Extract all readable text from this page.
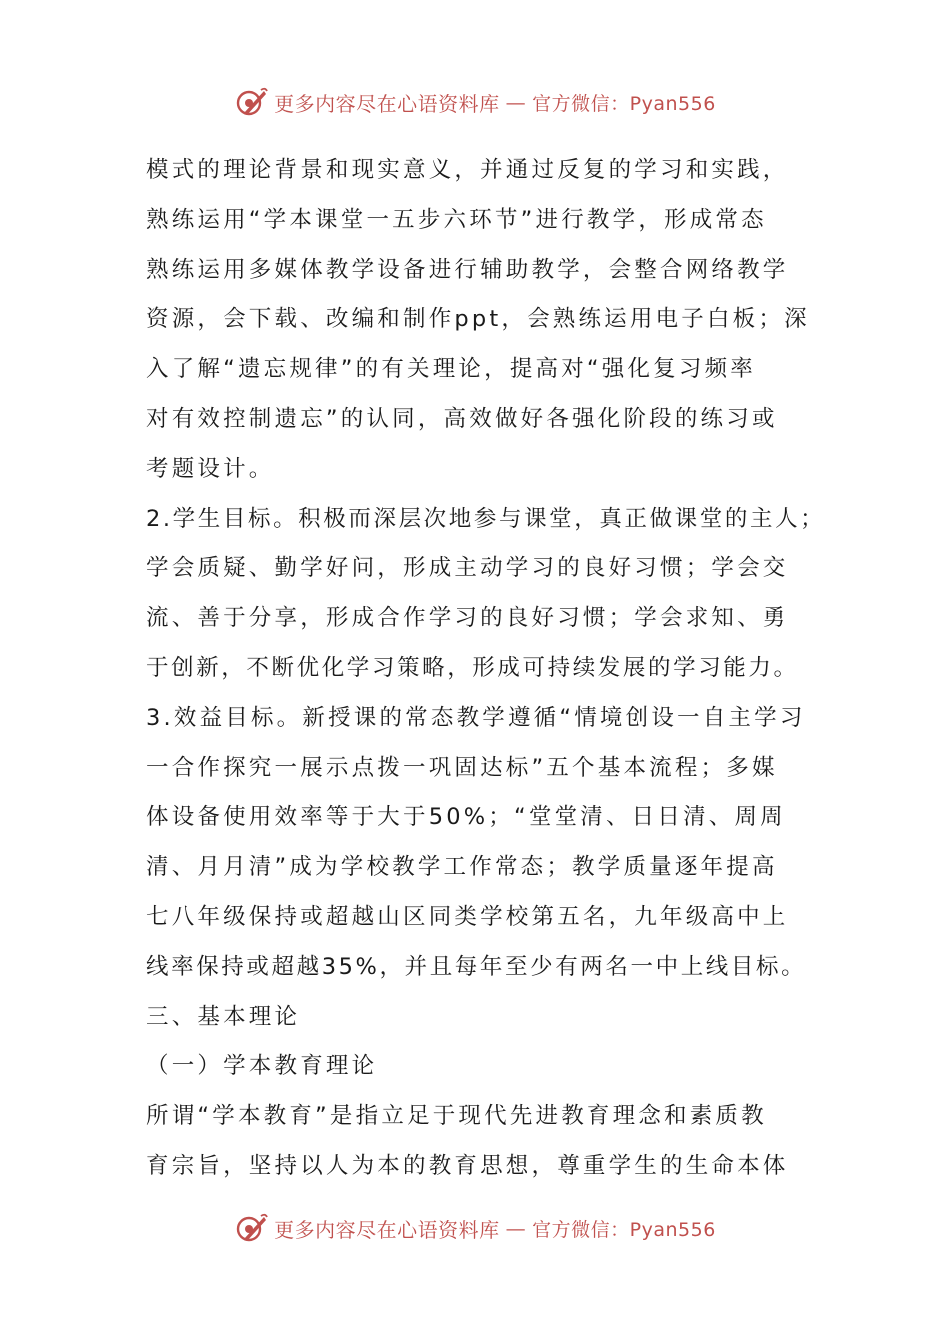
更多内容尽在心语资料库 — 官方微信：Pyan556
模式的理论背景和现实意义，并通过反复的学习和实践，
熟练运用“学本课堂一五步六环节”进行教学，形成常态
熟练运用多媒体教学设备进行辅助教学，会整合网络教学
资源，会下载、改编和制作ppt，会熟练运用电子白板；深
入了解“遗忘规律”的有关理论，提高对“强化复习频率
对有效控制遗忘”的认同，高效做好各强化阶段的练习或
考题设计。
2.学生目标。积极而深层次地参与课堂，真正做课堂的主人；
学会质疑、勤学好问，形成主动学习的良好习惯；学会交
流、善于分享，形成合作学习的良好习惯；学会求知、勇
于创新，不断优化学习策略，形成可持续发展的学习能力。
3.效益目标。新授课的常态教学遵循“情境创设一自主学习
一合作探究一展示点拨一巩固达标”五个基本流程；多媒
体设备使用效率等于大于50%；“堂堂清、日日清、周周
清、月月清”成为学校教学工作常态；教学质量逐年提高
七八年级保持或超越山区同类学校第五名，九年级高中上
线率保持或超越35%，并且每年至少有两名一中上线目标。
三、基本理论
（一）学本教育理论
所谓“学本教育”是指立足于现代先进教育理念和素质教
育宗旨，坚持以人为本的教育思想，尊重学生的生命本体
更多内容尽在心语资料库 — 官方微信：Pyan556
